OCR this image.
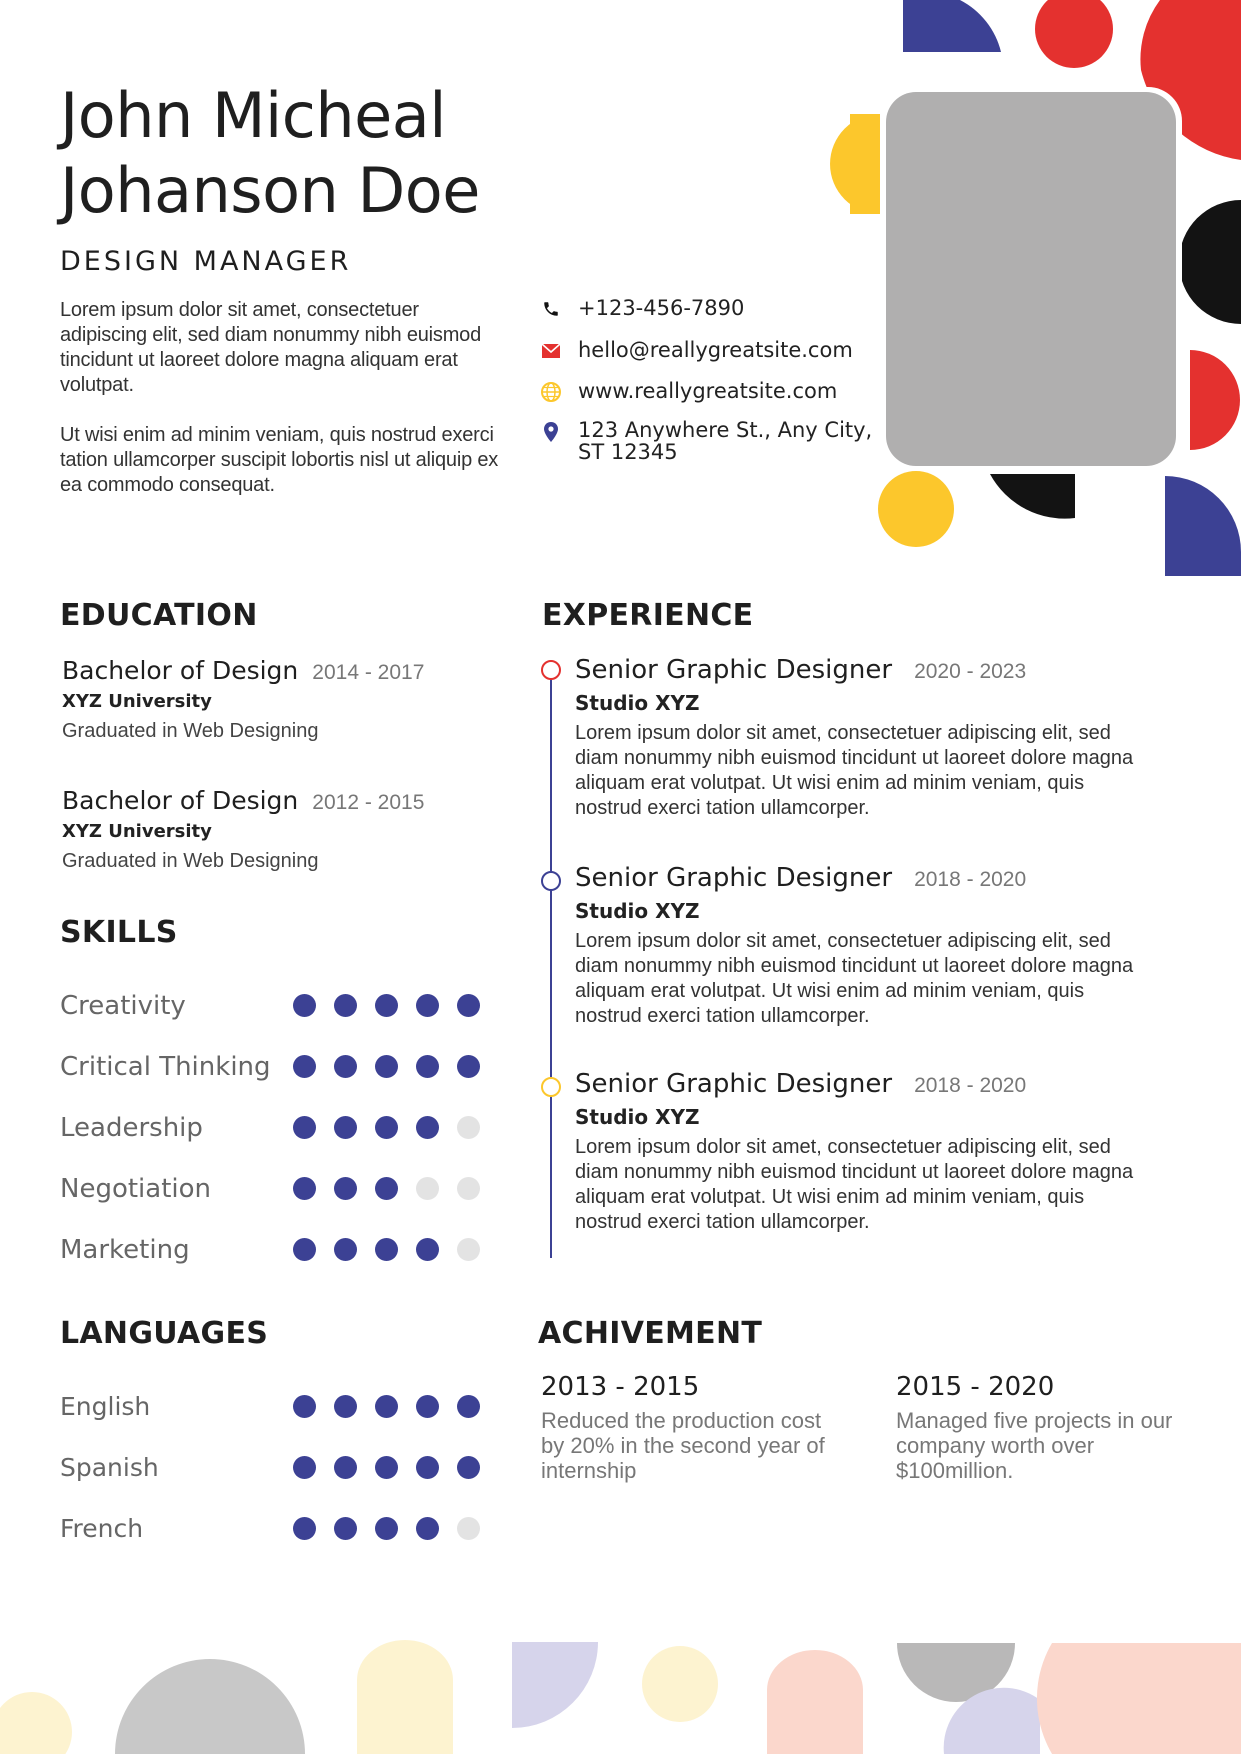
John Micheal
Johanson Doe
DESIGN MANAGER
Lorem ipsum dolor sit amet, consectetuer adipiscing elit, sed diam nonummy nibh euismod tincidunt ut laoreet dolore magna aliquam erat volutpat.
Ut wisi enim ad minim veniam, quis nostrud exerci tation ullamcorper suscipit lobortis nisl ut aliquip ex ea commodo consequat.
+123-456-7890
hello@reallygreatsite.com
www.reallygreatsite.com
123 Anywhere St., Any City,
ST 12345
EDUCATION
Bachelor of Design 2014 - 2017
XYZ University
Graduated in Web Designing
Bachelor of Design 2012 - 2015
XYZ University
Graduated in Web Designing
SKILLS
Creativity
Critical Thinking
Leadership
Negotiation
Marketing
EXPERIENCE
Senior Graphic Designer 2020 - 2023
Studio XYZ
Lorem ipsum dolor sit amet, consectetuer adipiscing elit, sed diam nonummy nibh euismod tincidunt ut laoreet dolore magna aliquam erat volutpat. Ut wisi enim ad minim veniam, quis nostrud exerci tation ullamcorper.
Senior Graphic Designer 2018 - 2020
Studio XYZ
Lorem ipsum dolor sit amet, consectetuer adipiscing elit, sed diam nonummy nibh euismod tincidunt ut laoreet dolore magna aliquam erat volutpat. Ut wisi enim ad minim veniam, quis nostrud exerci tation ullamcorper.
Senior Graphic Designer 2018 - 2020
Studio XYZ
Lorem ipsum dolor sit amet, consectetuer adipiscing elit, sed diam nonummy nibh euismod tincidunt ut laoreet dolore magna aliquam erat volutpat. Ut wisi enim ad minim veniam, quis nostrud exerci tation ullamcorper.
LANGUAGES
English
Spanish
French
ACHIVEMENT
2013 - 2015
Reduced the production cost by 20% in the second year of internship
2015 - 2020
Managed five projects in our company worth over $100million.
